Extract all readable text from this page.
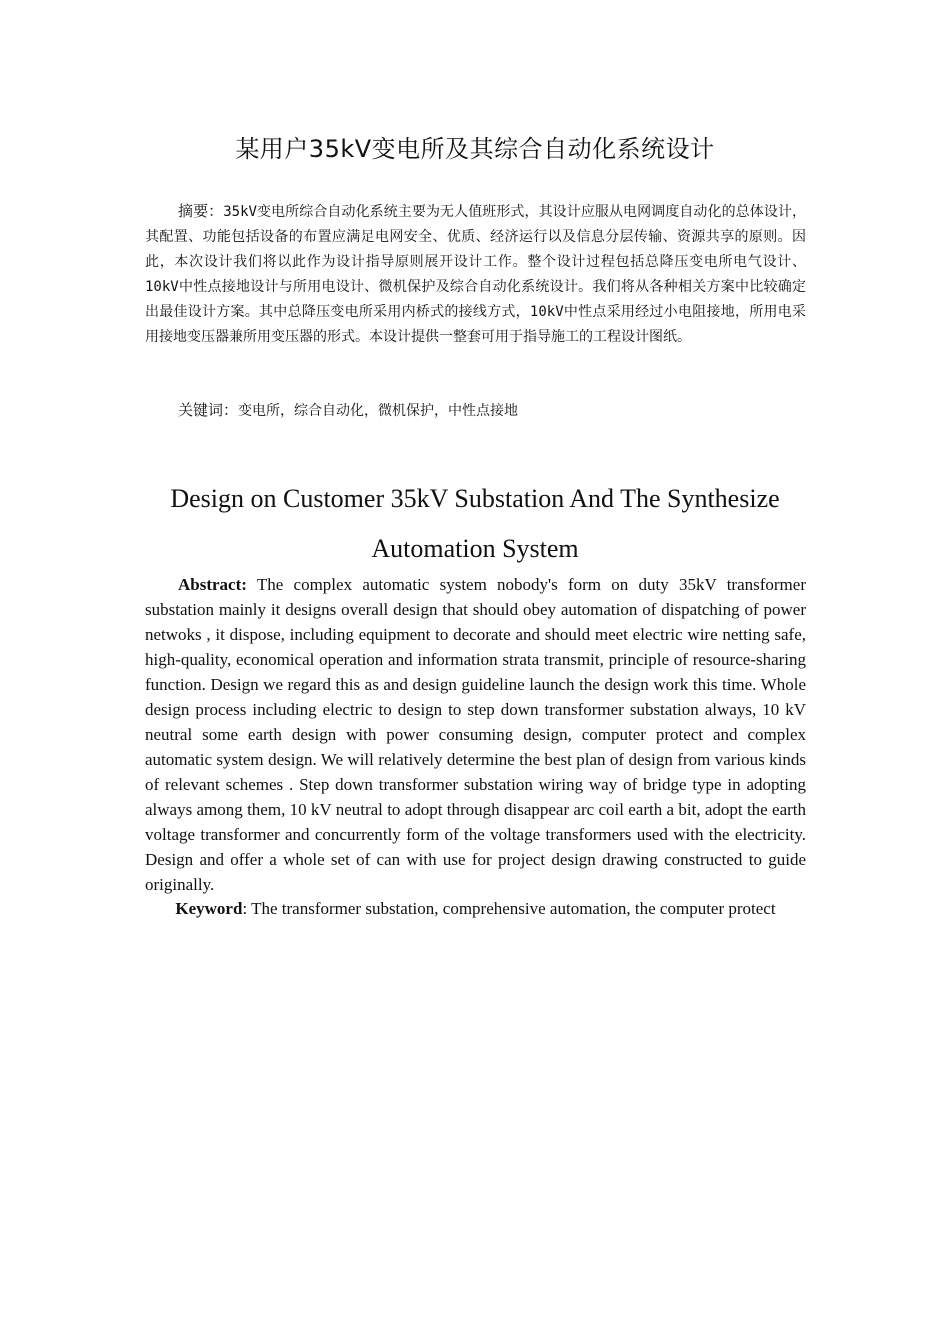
某用户35kV变电所及其综合自动化系统设计

摘要：35kV变电所综合自动化系统主要为无人值班形式，其设计应服从电网调度自动化的总体设计，其配置、功能包括设备的布置应满足电网安全、优质、经济运行以及信息分层传输、资源共享的原则。因此，本次设计我们将以此作为设计指导原则展开设计工作。整个设计过程包括总降压变电所电气设计、10kV中性点接地设计与所用电设计、微机保护及综合自动化系统设计。我们将从各种相关方案中比较确定出最佳设计方案。其中总降压变电所采用内桥式的接线方式，10kV中性点采用经过小电阻接地，所用电采用接地变压器兼所用变压器的形式。本设计提供一整套可用于指导施工的工程设计图纸。

关键词：变电所，综合自动化，微机保护，中性点接地

Design on Customer 35kV Substation And The Synthesize
Automation System

Abstract: The complex automatic system nobody's form on duty 35kV transformer substation mainly it designs overall design that should obey automation of dispatching of power netwoks , it dispose, including equipment to decorate and should meet electric wire netting safe, high-quality, economical operation and information strata transmit, principle of resource-sharing function. Design we regard this as and design guideline launch the design work this time. Whole design process including electric to design to step down transformer substation always, 10 kV neutral some earth design with power consuming design, computer protect and complex automatic system design. We will relatively determine the best plan of design from various kinds of relevant schemes . Step down transformer substation wiring way of bridge type in adopting always among them, 10 kV neutral to adopt through disappear arc coil earth a bit, adopt the earth voltage transformer and concurrently form of the voltage transformers used with the electricity. Design and offer a whole set of can with use for project design drawing constructed to guide originally.

Keyword: The transformer substation, comprehensive automation, the computer protect
